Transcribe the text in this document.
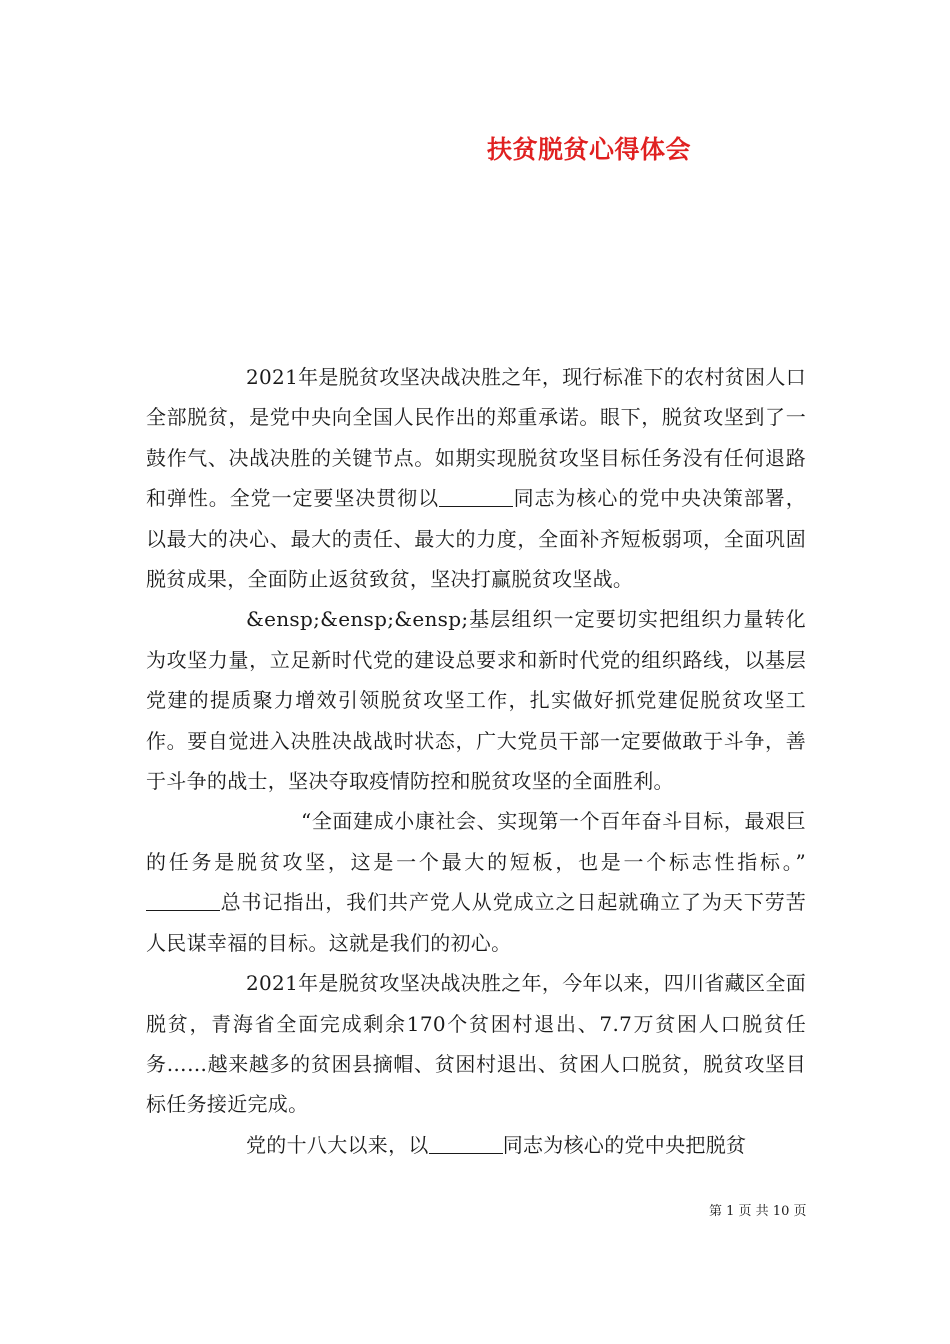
扶贫脱贫心得体会

2021年是脱贫攻坚决战决胜之年，现行标准下的农村贫困人口全部脱贫，是党中央向全国人民作出的郑重承诺。眼下，脱贫攻坚到了一鼓作气、决战决胜的关键节点。如期实现脱贫攻坚目标任务没有任何退路和弹性。全党一定要坚决贯彻以	同志为核心的党中央决策部署，以最大的决心、最大的责任、最大的力度，全面补齐短板弱项，全面巩固脱贫成果，全面防止返贫致贫，坚决打赢脱贫攻坚战。

&ensp;&ensp;&ensp;基层组织一定要切实把组织力量转化为攻坚力量，立足新时代党的建设总要求和新时代党的组织路线，以基层党建的提质聚力增效引领脱贫攻坚工作，扎实做好抓党建促脱贫攻坚工作。要自觉进入决胜决战战时状态，广大党员干部一定要做敢于斗争，善于斗争的战士，坚决夺取疫情防控和脱贫攻坚的全面胜利。

“全面建成小康社会、实现第一个百年奋斗目标，最艰巨的任务是脱贫攻坚，这是一个最大的短板，也是一个标志性指标。”总书记指出，我们共产党人从党成立之日起就确立了为天下劳苦人民谋幸福的目标。这就是我们的初心。

2021年是脱贫攻坚决战决胜之年，今年以来，四川省藏区全面脱贫，青海省全面完成剩余170个贫困村退出、7.7万贫困人口脱贫任务……越来越多的贫困县摘帽、贫困村退出、贫困人口脱贫，脱贫攻坚目标任务接近完成。

党的十八大以来，以	同志为核心的党中央把脱贫

第 1 页 共 10 页
